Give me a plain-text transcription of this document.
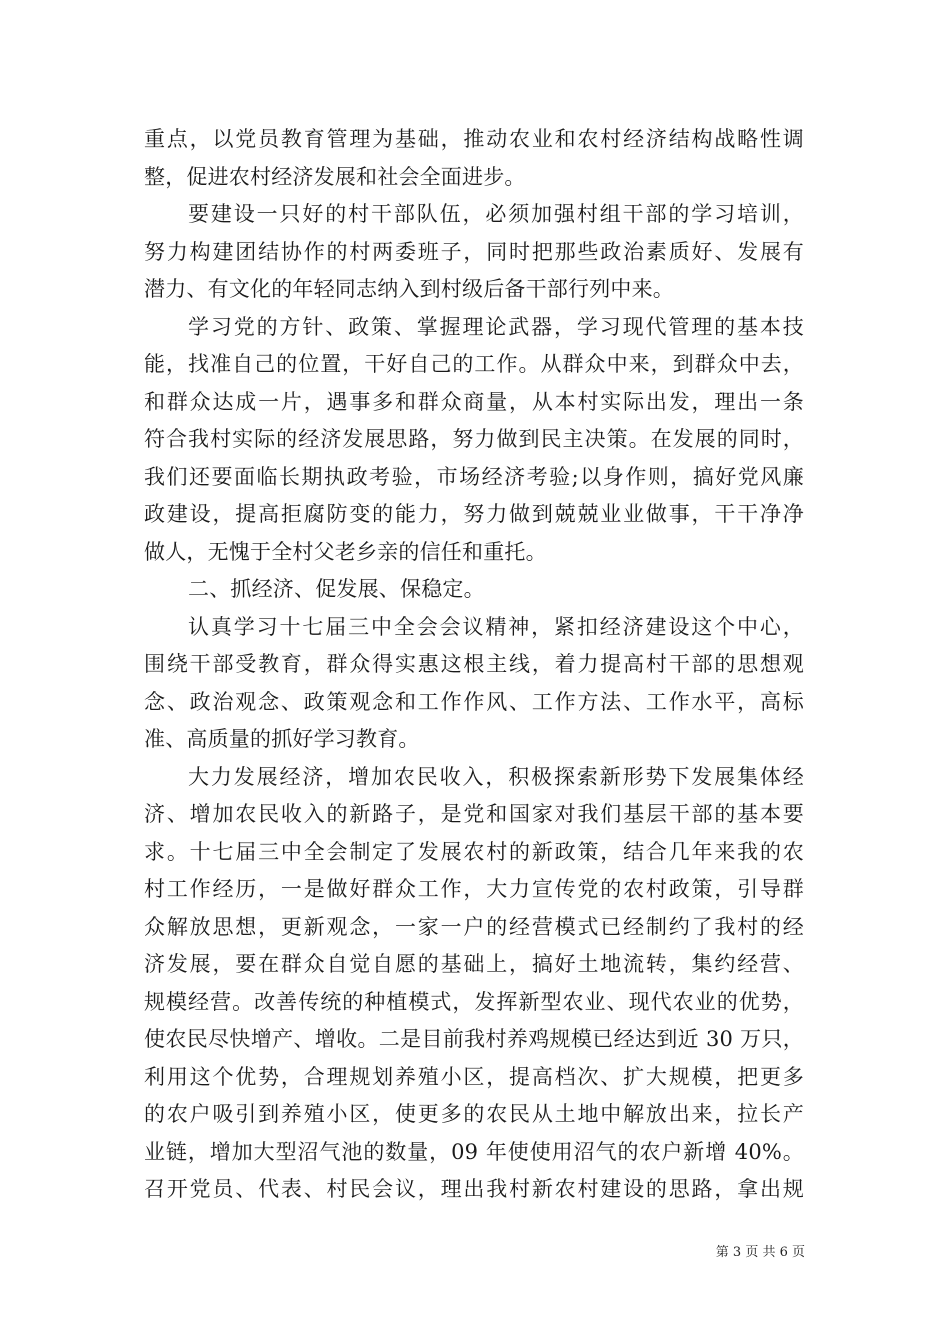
重点，以党员教育管理为基础，推动农业和农村经济结构战略性调
整，促进农村经济发展和社会全面进步。
要建设一只好的村干部队伍，必须加强村组干部的学习培训，
努力构建团结协作的村两委班子，同时把那些政治素质好、发展有
潜力、有文化的年轻同志纳入到村级后备干部行列中来。
学习党的方针、政策、掌握理论武器，学习现代管理的基本技
能，找准自己的位置，干好自己的工作。从群众中来，到群众中去，
和群众达成一片，遇事多和群众商量，从本村实际出发，理出一条
符合我村实际的经济发展思路，努力做到民主决策。在发展的同时，
我们还要面临长期执政考验，市场经济考验;以身作则，搞好党风廉
政建设，提高拒腐防变的能力，努力做到兢兢业业做事，干干净净
做人，无愧于全村父老乡亲的信任和重托。
二、抓经济、促发展、保稳定。
认真学习十七届三中全会会议精神，紧扣经济建设这个中心，
围绕干部受教育，群众得实惠这根主线，着力提高村干部的思想观
念、政治观念、政策观念和工作作风、工作方法、工作水平，高标
准、高质量的抓好学习教育。
大力发展经济，增加农民收入，积极探索新形势下发展集体经
济、增加农民收入的新路子，是党和国家对我们基层干部的基本要
求。十七届三中全会制定了发展农村的新政策，结合几年来我的农
村工作经历，一是做好群众工作，大力宣传党的农村政策，引导群
众解放思想，更新观念，一家一户的经营模式已经制约了我村的经
济发展，要在群众自觉自愿的基础上，搞好土地流转，集约经营、
规模经营。改善传统的种植模式，发挥新型农业、现代农业的优势，
使农民尽快增产、增收。二是目前我村养鸡规模已经达到近 30 万只，
利用这个优势，合理规划养殖小区，提高档次、扩大规模，把更多
的农户吸引到养殖小区，使更多的农民从土地中解放出来，拉长产
业链，增加大型沼气池的数量，09 年使使用沼气的农户新增 40%。
召开党员、代表、村民会议，理出我村新农村建设的思路，拿出规
第 3 页 共 6 页
